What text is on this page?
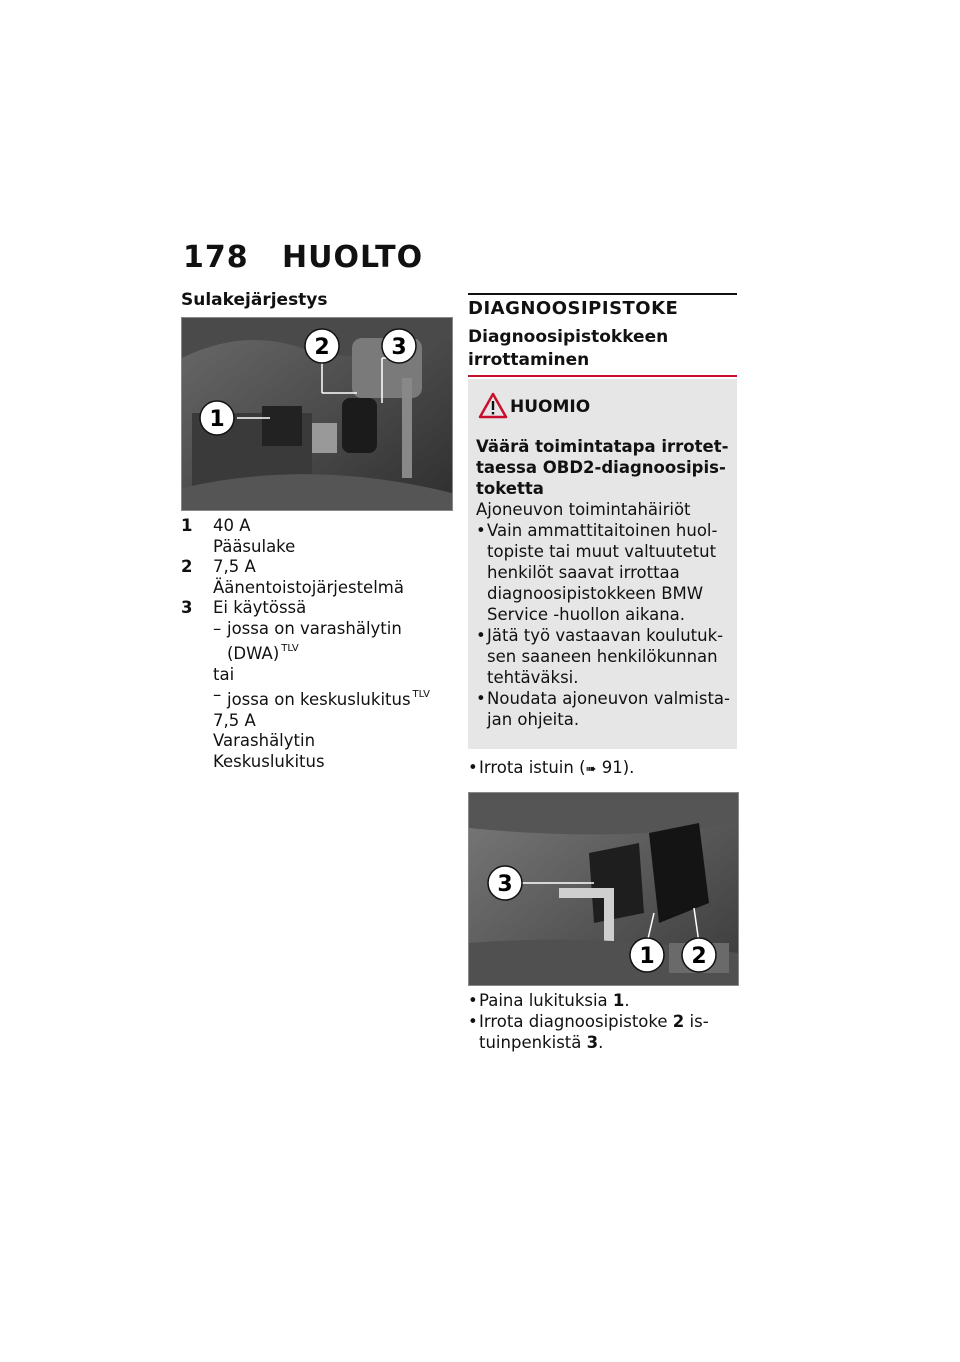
178 HUOLTO
Sulakejärjestys
1
2	3
1	40 A
Pääsulake
2	7,5 A
Äänentoistojärjestelmä
3	Ei käytössä
– jossa on varashälytin
(DWA) $^{TLV}$
tai
– jossa on keskuslukitus $^{TLV}$
7,5 A
Varashälytin
Keskuslukitus
DIAGNOOSIPISTOKE
Diagnoosipistokkeen irrottaminen
HUOMIO
Väärä toimintatapa irrotettaessa OBD2-diagnoosipistoketta
Ajoneuvon toimintahäiriöt
• Vain ammattitaitoinen huoltopiste tai muut valtuutetut henkilöt saavat irrottaa diagnoosipistokkeen BMW Service -huollon aikana.
• Jätä työ vastaavan koulutuksen saaneen henkilökunnan tehtäväksi.
• Noudata ajoneuvon valmistajan ohjeita.
• Irrota istuin (➠ 91).
3
1 2
• Paina lukituksia 1.
• Irrota diagnoosipistoke 2 istuinpenkistä 3.
